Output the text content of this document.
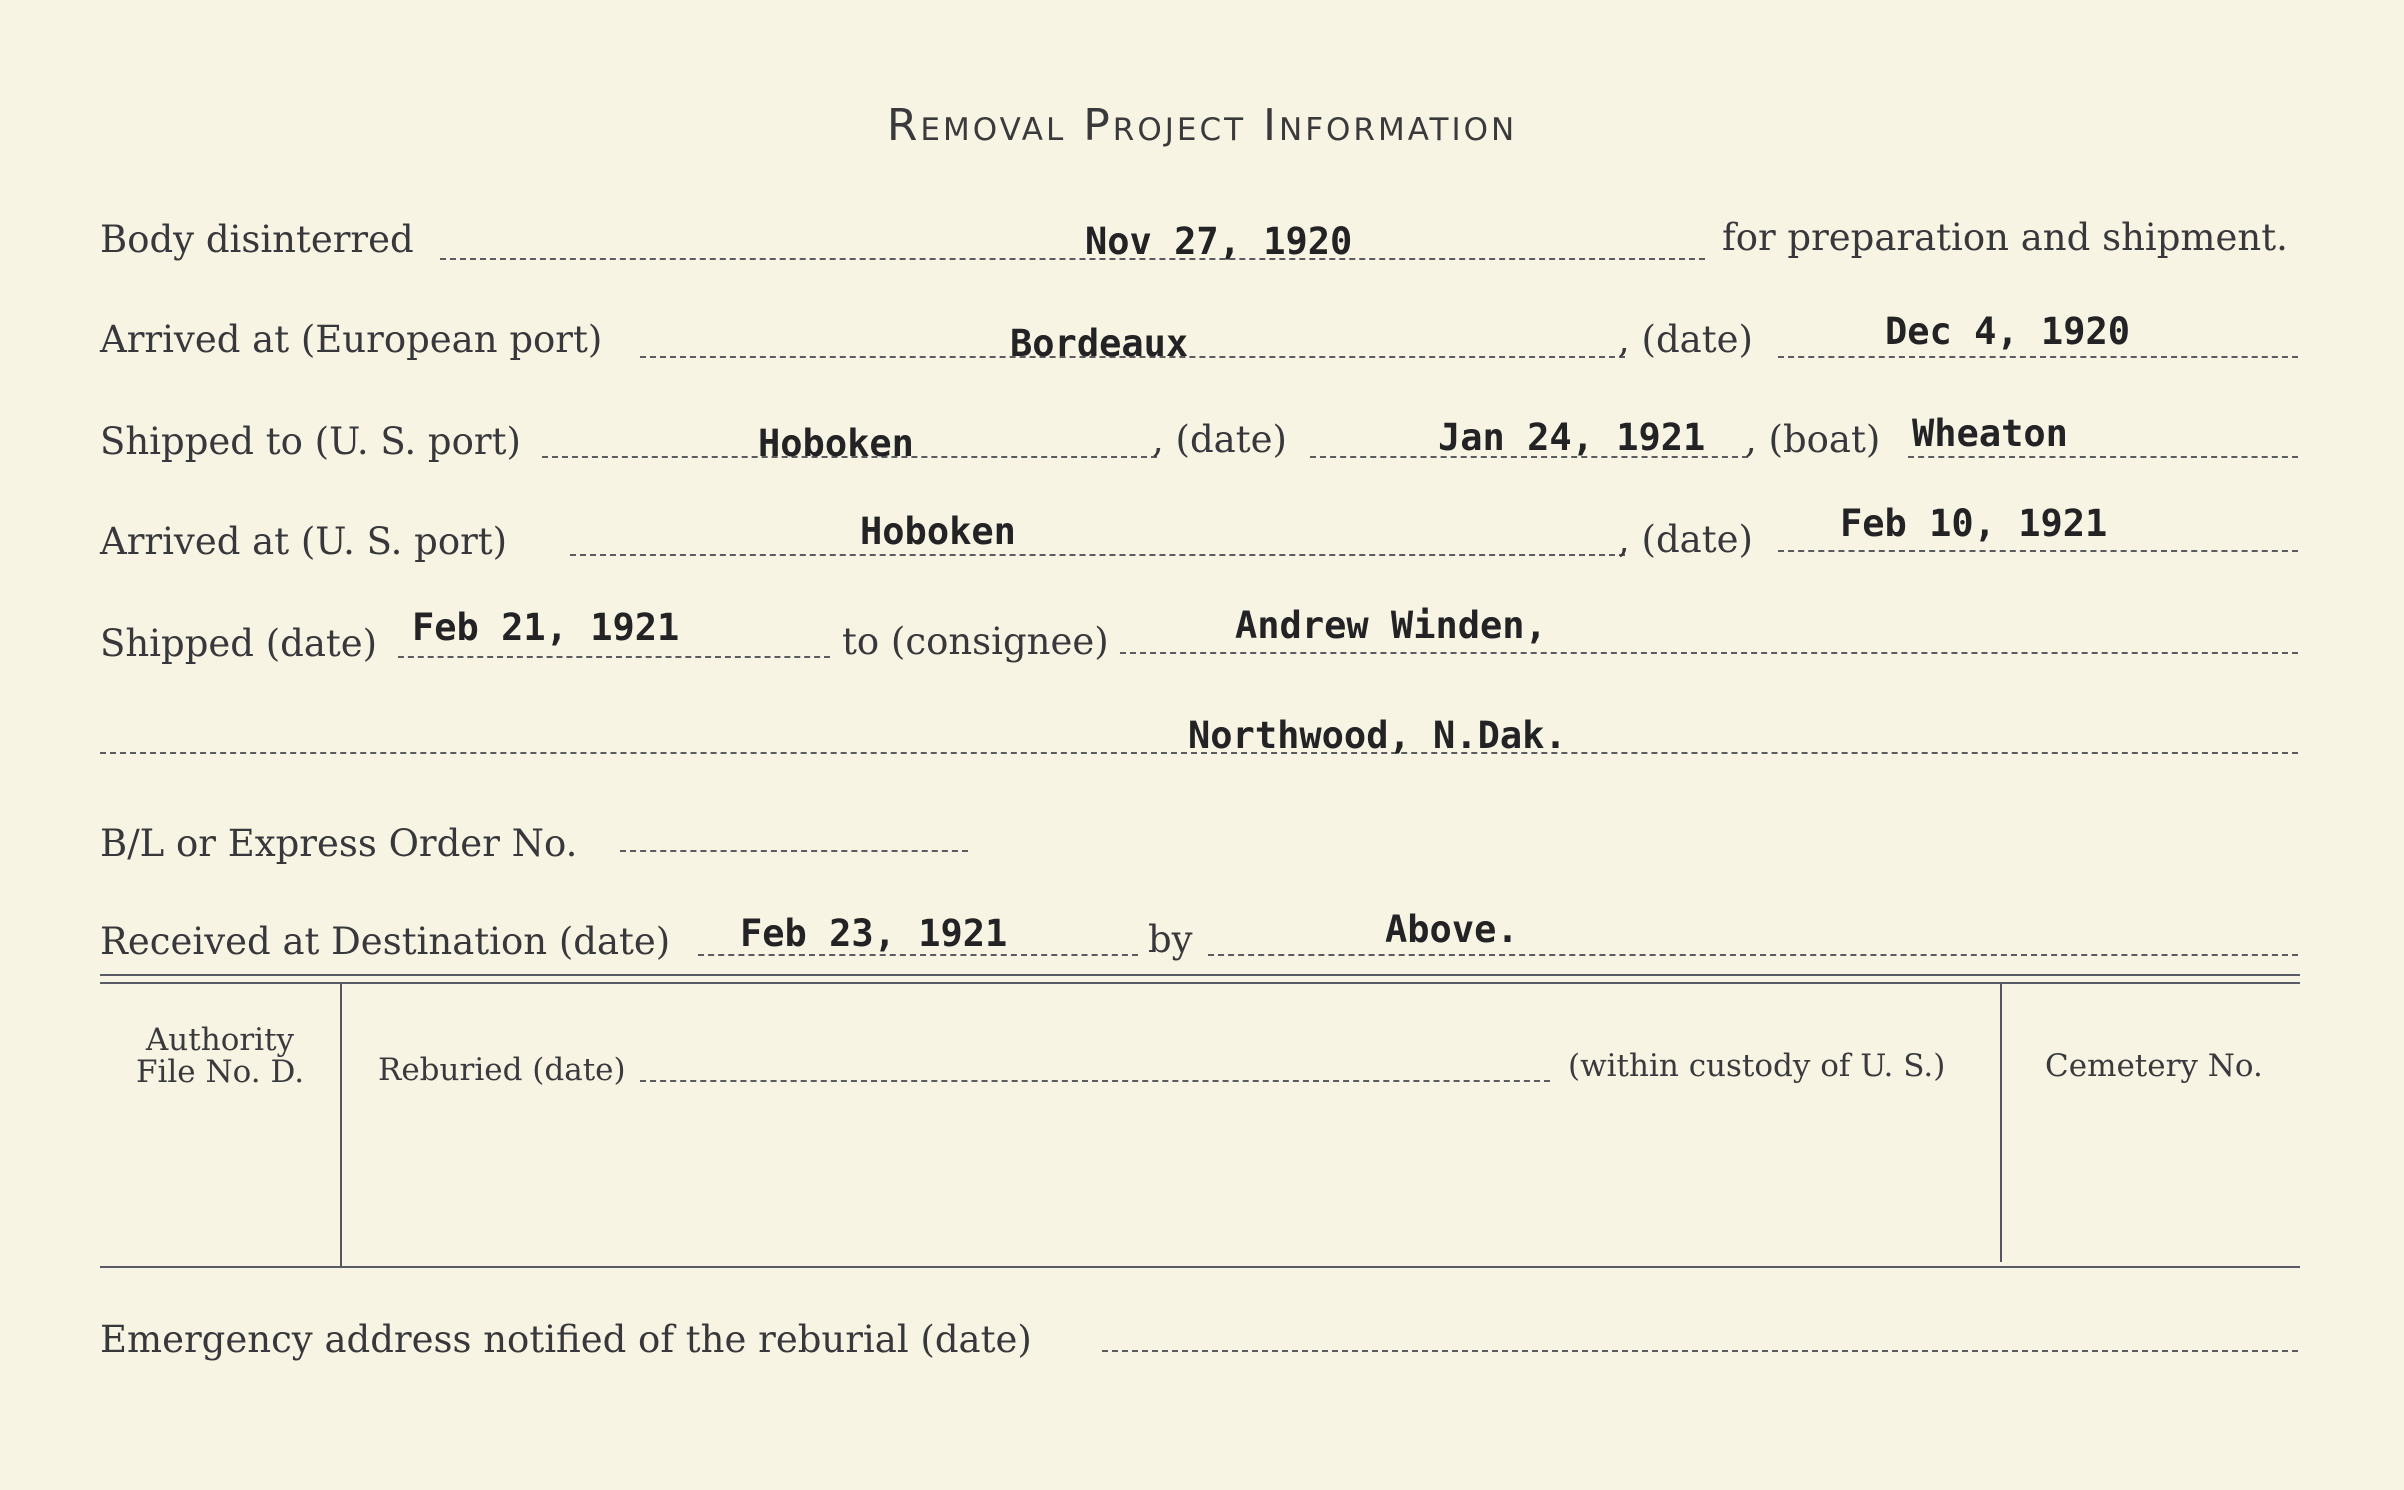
Removal Project Information
Body disinterred	Nov 27, 1920	for preparation and shipment.
Arrived at (European port)	Bordeaux	, (date)	Dec 4, 1920
Shipped to (U. S. port)	Hoboken	, (date)	Jan 24, 1921 , (boat) Wheaton
Arrived at (U. S. port)	Hoboken	, (date) Feb 10, 1921
Shipped (date) Feb 21, 1921	to (consignee)	Andrew Winden,
Northwood, N.Dak.
B/L or Express Order No.
Received at Destination (date) Feb 23, 1921	by	Above.
Authority
File No. D.	Reburied (date)	(within custody of U. S.)	Cemetery No.
Emergency address notified of the reburial (date)
